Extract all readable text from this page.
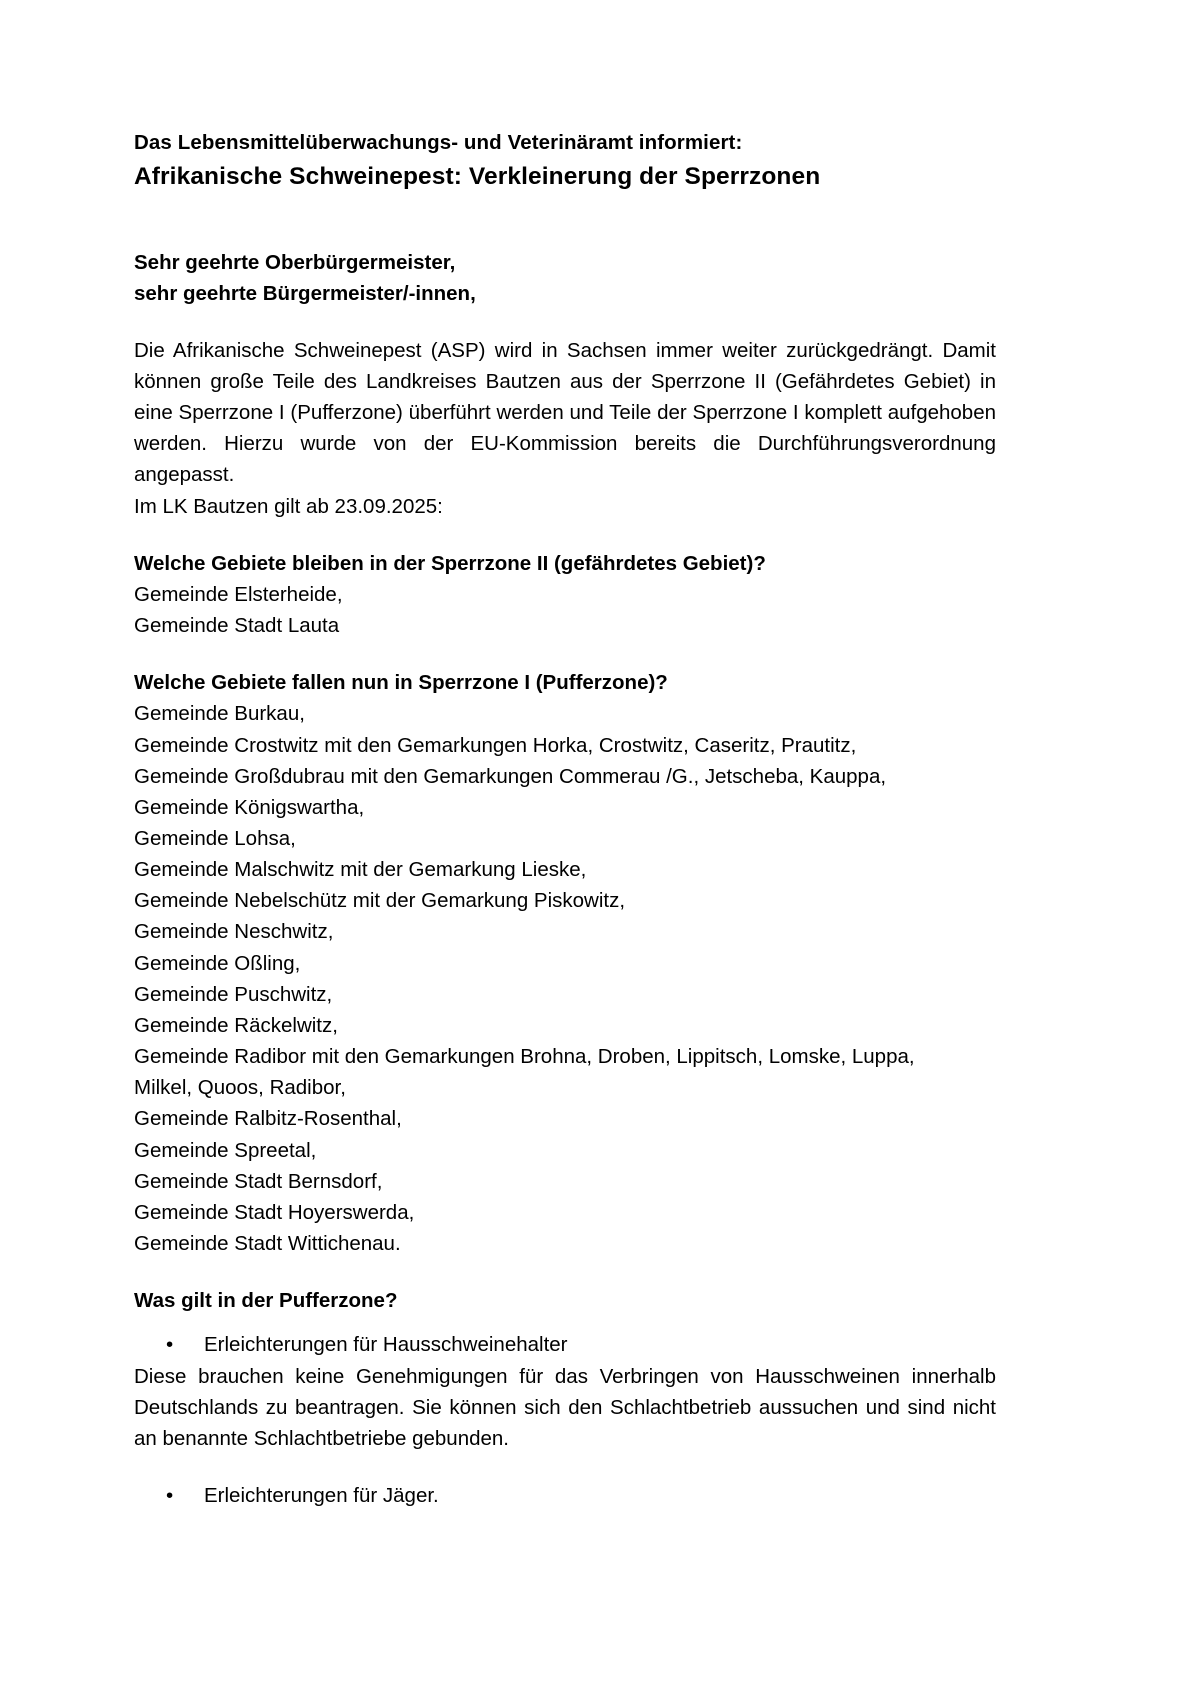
Das Lebensmittelüberwachungs- und Veterinäramt informiert:
Afrikanische Schweinepest: Verkleinerung der Sperrzonen
Sehr geehrte Oberbürgermeister,
sehr geehrte Bürgermeister/-innen,

Die Afrikanische Schweinepest (ASP) wird in Sachsen immer weiter zurückgedrängt. Damit können große Teile des Landkreises Bautzen aus der Sperrzone II (Gefährdetes Gebiet) in eine Sperrzone I (Pufferzone) überführt werden und Teile der Sperrzone I komplett aufgehoben werden. Hierzu wurde von der EU-Kommission bereits die Durchführungsverordnung angepasst.

Im LK Bautzen gilt ab 23.09.2025:

Welche Gebiete bleiben in der Sperrzone II (gefährdetes Gebiet)?

Gemeinde Elsterheide,
Gemeinde Stadt Lauta

Welche Gebiete fallen nun in Sperrzone I (Pufferzone)?

Gemeinde Burkau,
Gemeinde Crostwitz mit den Gemarkungen Horka, Crostwitz, Caseritz, Prautitz,
Gemeinde Großdubrau mit den Gemarkungen Commerau /G., Jetscheba, Kauppa,
Gemeinde Königswartha,
Gemeinde Lohsa,
Gemeinde Malschwitz mit der Gemarkung Lieske,
Gemeinde Nebelschütz mit der Gemarkung Piskowitz,
Gemeinde Neschwitz,
Gemeinde Oßling,
Gemeinde Puschwitz,
Gemeinde Räckelwitz,
Gemeinde Radibor mit den Gemarkungen Brohna, Droben, Lippitsch, Lomske, Luppa,
Milkel, Quoos, Radibor,
Gemeinde Ralbitz-Rosenthal,
Gemeinde Spreetal,
Gemeinde Stadt Bernsdorf,
Gemeinde Stadt Hoyerswerda,
Gemeinde Stadt Wittichenau.

Was gilt in der Pufferzone?

• Erleichterungen für Hausschweinehalter

Diese brauchen keine Genehmigungen für das Verbringen von Hausschweinen innerhalb Deutschlands zu beantragen. Sie können sich den Schlachtbetrieb aussuchen und sind nicht an benannte Schlachtbetriebe gebunden.

• Erleichterungen für Jäger.
